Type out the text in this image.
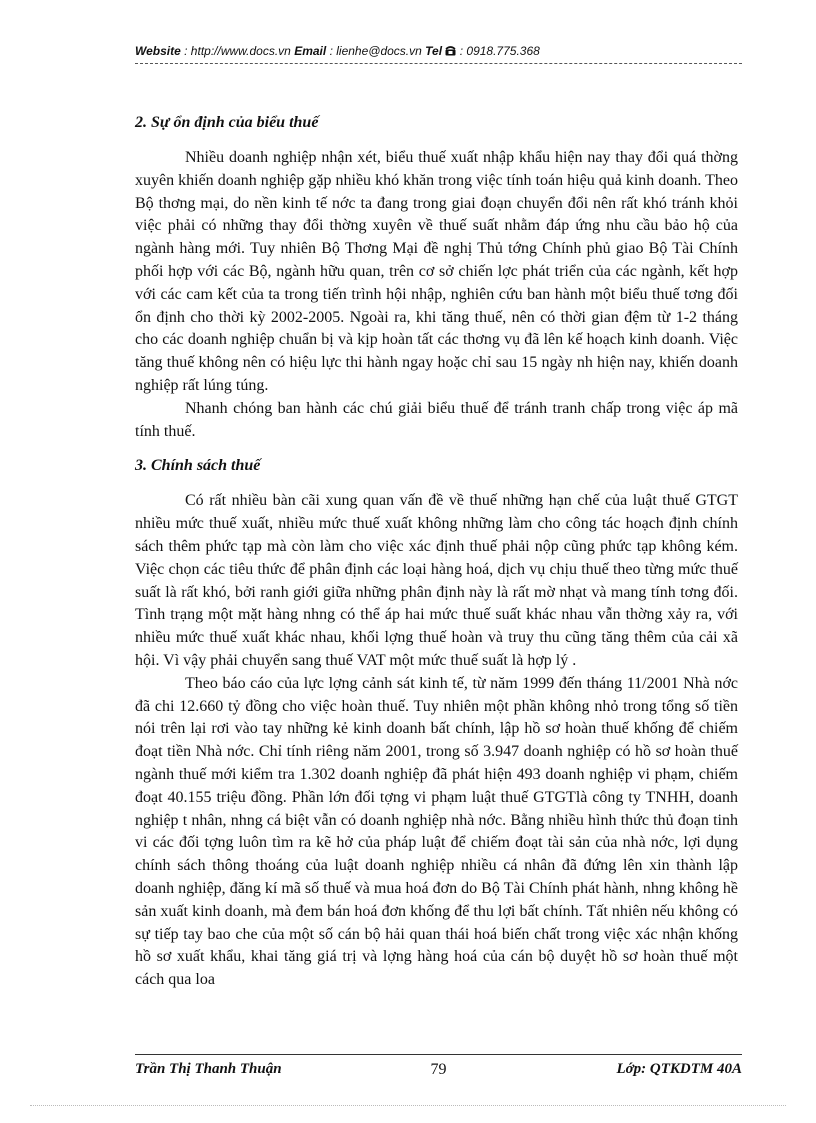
Website : http://www.docs.vn Email : lienhe@docs.vn Tel : 0918.775.368
2. Sự ổn định của biểu thuế

Nhiều doanh nghiệp nhận xét, biểu thuế xuất nhập khẩu hiện nay thay đổi quá thờng xuyên khiến doanh nghiệp gặp nhiều khó khăn trong việc tính toán hiệu quả kinh doanh. Theo Bộ thơng mại, do nền kinh tế nớc ta đang trong giai đoạn chuyển đổi nên rất khó tránh khỏi việc phải có những thay đổi thờng xuyên về thuế suất nhằm đáp ứng nhu cầu bảo hộ của ngành hàng mới. Tuy nhiên Bộ Thơng Mại đề nghị Thủ tớng Chính phủ giao Bộ Tài Chính phối hợp với các Bộ, ngành hữu quan, trên cơ sở chiến lợc phát triển của các ngành, kết hợp với các cam kết của ta trong tiến trình hội nhập, nghiên cứu ban hành một biểu thuế tơng đối ổn định cho thời kỳ 2002-2005. Ngoài ra, khi tăng thuế, nên có thời gian đệm từ 1-2 tháng cho các doanh nghiệp chuẩn bị và kịp hoàn tất các thơng vụ đã lên kế hoạch kinh doanh. Việc tăng thuế không nên có hiệu lực thi hành ngay hoặc chỉ sau 15 ngày nh hiện nay, khiến doanh nghiệp rất lúng túng.

Nhanh chóng ban hành các chú giải biểu thuế để tránh tranh chấp trong việc áp mã tính thuế.

3. Chính sách thuế

Có rất nhiều bàn cãi xung quan vấn đề về thuế những hạn chế của luật thuế GTGT nhiều mức thuế xuất, nhiều mức thuế xuất không những làm cho công tác hoạch định chính sách thêm phức tạp mà còn làm cho việc xác định thuế phải nộp cũng phức tạp không kém. Việc chọn các tiêu thức để phân định các loại hàng hoá, dịch vụ chịu thuế theo từng mức thuế suất là rất khó, bởi ranh giới giữa những phân định này là rất mờ nhạt và mang tính tơng đối. Tình trạng một mặt hàng nhng có thể áp hai mức thuế suất khác nhau vẫn thờng xảy ra, với nhiều mức thuế xuất khác nhau, khối lợng thuế hoàn và truy thu cũng tăng thêm của cải xã hội. Vì vậy phải chuyển sang thuế VAT một mức thuế suất là hợp lý .

Theo báo cáo của lực lợng cảnh sát kinh tế, từ năm 1999 đến tháng 11/2001 Nhà nớc đã chi 12.660 tỷ đồng cho việc hoàn thuế. Tuy nhiên một phần không nhỏ trong tổng số tiền nói trên lại rơi vào tay những kẻ kinh doanh bất chính, lập hồ sơ hoàn thuế khống để chiếm đoạt tiền Nhà nớc. Chỉ tính riêng năm 2001, trong số 3.947 doanh nghiệp có hồ sơ hoàn thuế ngành thuế mới kiểm tra 1.302 doanh nghiệp đã phát hiện 493 doanh nghiệp vi phạm, chiếm đoạt 40.155 triệu đồng. Phần lớn đối tợng vi phạm luật thuế GTGTlà công ty TNHH, doanh nghiệp t nhân, nhng cá biệt vẫn có doanh nghiệp nhà nớc. Bằng nhiều hình thức thủ đoạn tinh vi các đối tợng luôn tìm ra kẽ hở của pháp luật để chiếm đoạt tài sản của nhà nớc, lợi dụng chính sách thông thoáng của luật doanh nghiệp nhiều cá nhân đã đứng lên xin thành lập doanh nghiệp, đăng kí mã số thuế và mua hoá đơn do Bộ Tài Chính phát hành, nhng không hề sản xuất kinh doanh, mà đem bán hoá đơn khống để thu lợi bất chính. Tất nhiên nếu không có sự tiếp tay bao che của một số cán bộ hải quan thái hoá biến chất trong việc xác nhận khống hồ sơ xuất khẩu, khai tăng giá trị và lợng hàng hoá của cán bộ duyệt hồ sơ hoàn thuế một cách qua loa

Trần Thị Thanh Thuận	79	Lớp: QTKDTM 40A
